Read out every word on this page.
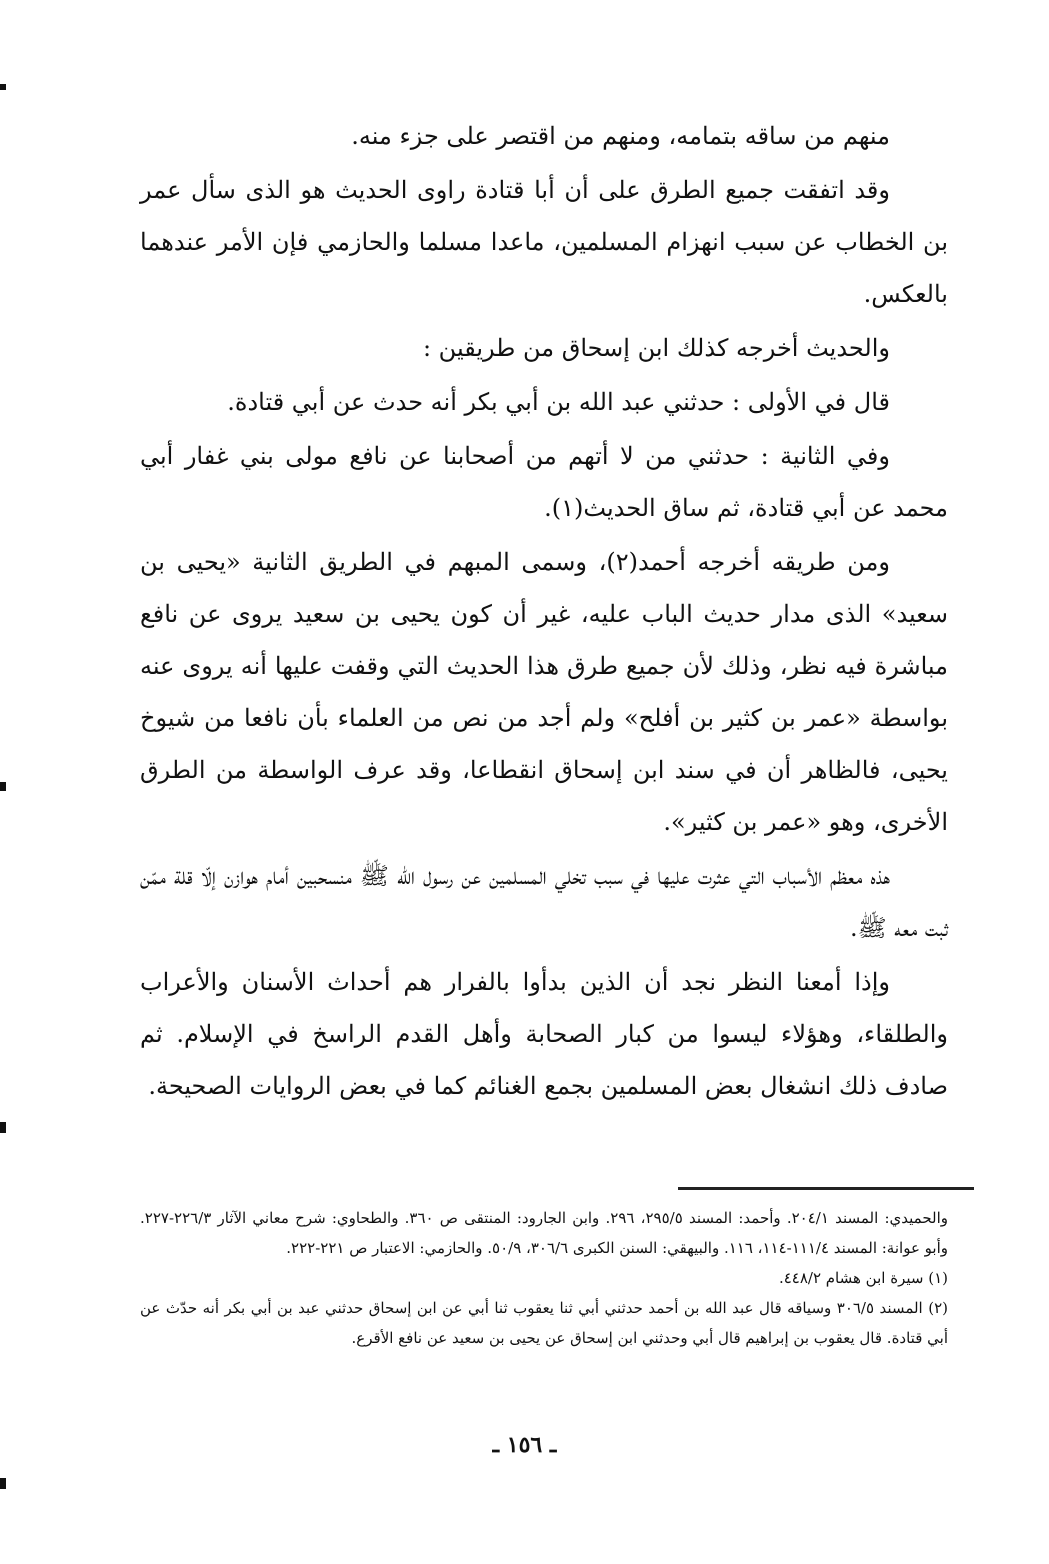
منهم من ساقه بتمامه، ومنهم من اقتصر على جزء منه.

وقد اتفقت جميع الطرق على أن أبا قتادة راوى الحديث هو الذى سأل عمر بن الخطاب عن سبب انهزام المسلمين، ماعدا مسلما والحازمي فإن الأمر عندهما بالعكس.

والحديث أخرجه كذلك ابن إسحاق من طريقين :

قال في الأولى : حدثني عبد الله بن أبي بكر أنه حدث عن أبي قتادة.

وفي الثانية : حدثني من لا أتهم من أصحابنا عن نافع مولى بني غفار أبي محمد عن أبي قتادة، ثم ساق الحديث(١).

ومن طريقه أخرجه أحمد(٢)، وسمى المبهم في الطريق الثانية «يحيى بن سعيد» الذى مدار حديث الباب عليه، غير أن كون يحيى بن سعيد يروى عن نافع مباشرة فيه نظر، وذلك لأن جميع طرق هذا الحديث التي وقفت عليها أنه يروى عنه بواسطة «عمر بن كثير بن أفلح» ولم أجد من نص من العلماء بأن نافعا من شيوخ يحيى، فالظاهر أن في سند ابن إسحاق انقطاعا، وقد عرف الواسطة من الطرق الأخرى، وهو «عمر بن كثير».

هذه معظم الأسباب التي عثرت عليها في سبب تخلي المسلمين عن رسول الله ﷺ منسحبين أمام هوازن إلّا قلة ممّن ثبت معه ﷺ.

وإذا أمعنا النظر نجد أن الذين بدأوا بالفرار هم أحداث الأسنان والأعراب والطلقاء، وهؤلاء ليسوا من كبار الصحابة وأهل القدم الراسخ في الإسلام. ثم صادف ذلك انشغال بعض المسلمين بجمع الغنائم كما في بعض الروايات الصحيحة.

والحميدي: المسند ٢٠٤/١. وأحمد: المسند ٢٩٥/٥، ٢٩٦. وابن الجارود: المنتقى ص ٣٦٠. والطحاوي: شرح معاني الآثار ٢٢٦/٣-٢٢٧. وأبو عوانة: المسند ١١١/٤-١١٤، ١١٦. والبيهقي: السنن الكبرى ٣٠٦/٦، ٥٠/٩. والحازمي: الاعتبار ص ٢٢١-٢٢٢.

(١) سيرة ابن هشام ٤٤٨/٢.

(٢) المسند ٣٠٦/٥ وسياقه قال عبد الله بن أحمد حدثني أبي ثنا يعقوب ثنا أبي عن ابن إسحاق حدثني عبد بن أبي بكر أنه حدّث عن أبي قتادة. قال يعقوب بن إبراهيم قال أبي وحدثني ابن إسحاق عن يحيى بن سعيد عن نافع الأقرع.

ـ ١٥٦ ـ
